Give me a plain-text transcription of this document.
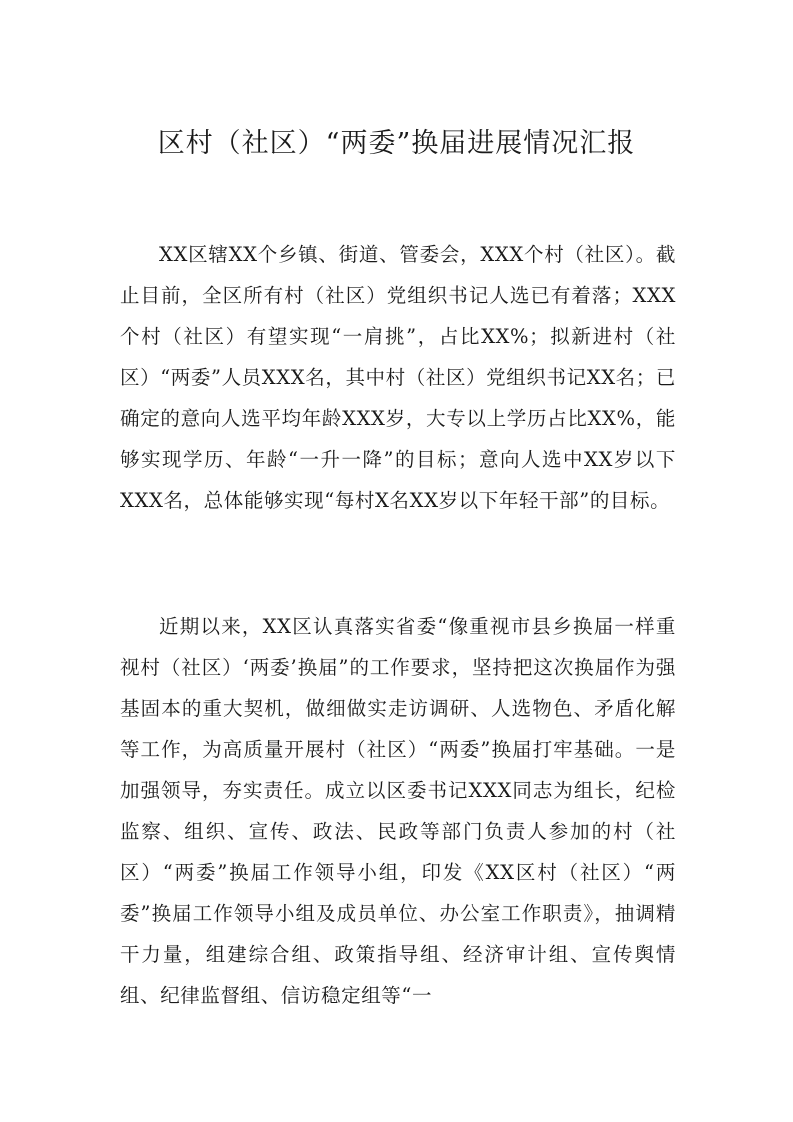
区村（社区）“两委”换届进展情况汇报

XX区辖XX个乡镇、街道、管委会，XXX个村（社区）。截止目前，全区所有村（社区）党组织书记人选已有着落；XXX个村（社区）有望实现“一肩挑”，占比XX%；拟新进村（社区）“两委”人员XXX名，其中村（社区）党组织书记XX名；已确定的意向人选平均年龄XXX岁，大专以上学历占比XX%，能够实现学历、年龄“一升一降”的目标；意向人选中XX岁以下XXX名，总体能够实现“每村X名XX岁以下年轻干部”的目标。

近期以来，XX区认真落实省委“像重视市县乡换届一样重视村（社区）‘两委’换届”的工作要求，坚持把这次换届作为强基固本的重大契机，做细做实走访调研、人选物色、矛盾化解等工作，为高质量开展村（社区）“两委”换届打牢基础。一是加强领导，夯实责任。成立以区委书记XXX同志为组长，纪检监察、组织、宣传、政法、民政等部门负责人参加的村（社区）“两委”换届工作领导小组，印发《XX区村（社区）“两委”换届工作领导小组及成员单位、办公室工作职责》，抽调精干力量，组建综合组、政策指导组、经济审计组、宣传舆情组、纪律监督组、信访稳定组等“一
